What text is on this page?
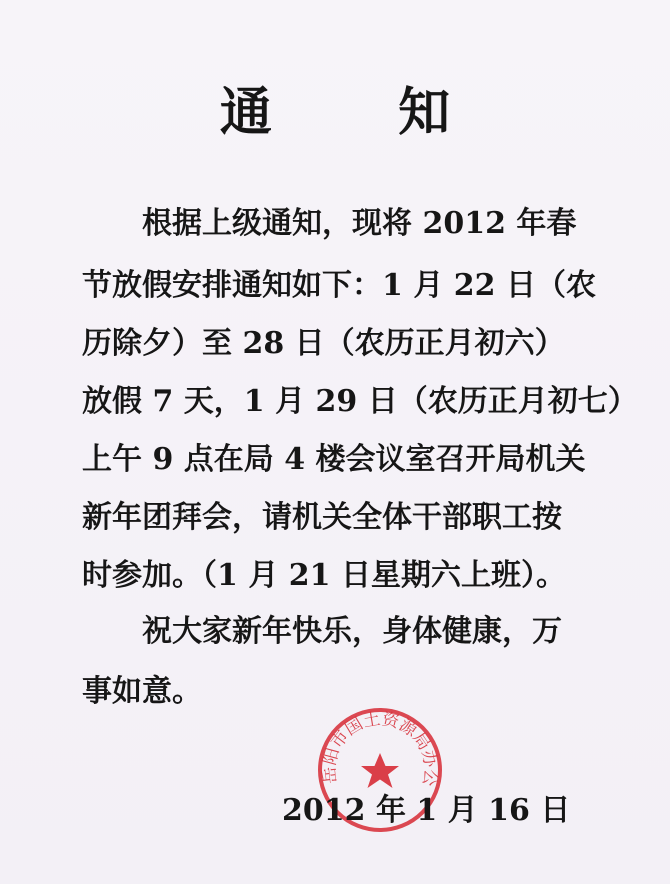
通 知
根据上级通知，现将 2012 年春
节放假安排通知如下：1 月 22 日（农
历除夕）至 28 日（农历正月初六）
放假 7 天，1 月 29 日（农历正月初七）
上午 9 点在局 4 楼会议室召开局机关
新年团拜会，请机关全体干部职工按
时参加。（1 月 21 日星期六上班）。
祝大家新年快乐，身体健康，万
事如意。
岳阳市国土资源局办公
2012 年 1 月 16 日
